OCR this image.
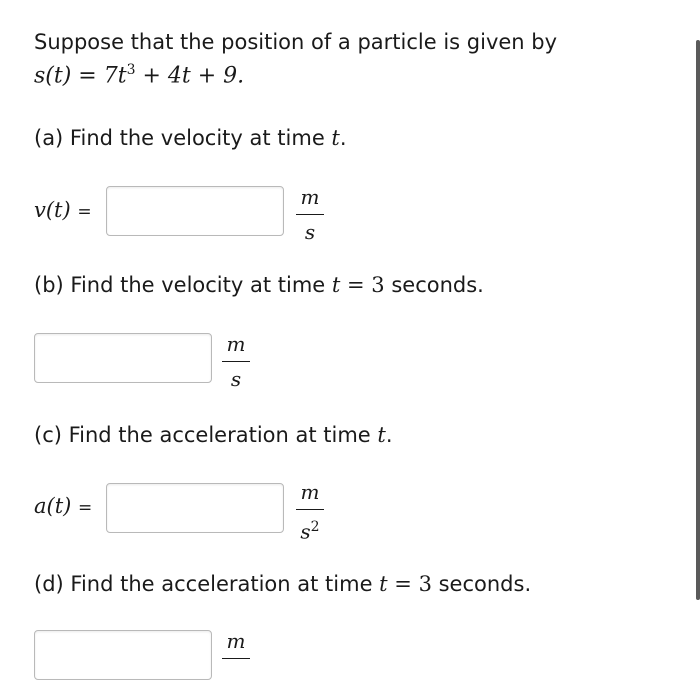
Suppose that the position of a particle is given by
$s(t) = 7t^3 + 4t + 9$.
(a) Find the velocity at time t.
v(t) =
m
s
(b) Find the velocity at time t = 3 seconds.
m
s
(c) Find the acceleration at time t.
a(t) =
m
$s^2$
(d) Find the acceleration at time t = 3 seconds.
m
